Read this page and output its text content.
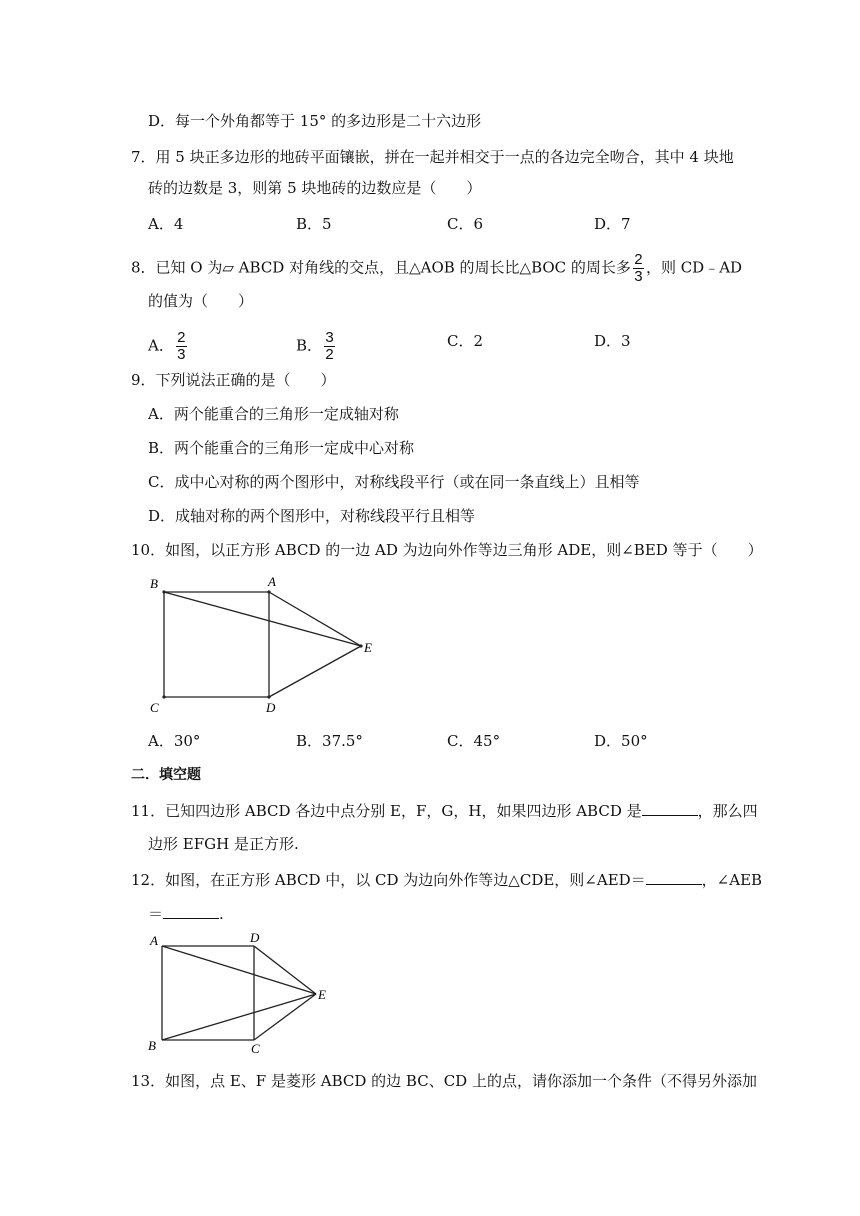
D．每一个外角都等于 15° 的多边形是二十六边形
7．用 5 块正多边形的地砖平面镶嵌，拼在一起并相交于一点的各边完全吻合，其中 4 块地
砖的边数是 3，则第 5 块地砖的边数应是（　　）
A．4	B．5	C．6	D．7
8．已知 O 为▱ ABCD 对角线的交点，且△AOB 的周长比△BOC 的周长多 $\frac{2}{3}$ ，则 CD﹣AD
的值为（　　）
A． $\frac{2}{3}$	B． $\frac{3}{2}$	C．2	D．3
9．下列说法正确的是（　　）
A．两个能重合的三角形一定成轴对称
B．两个能重合的三角形一定成中心对称
C．成中心对称的两个图形中，对称线段平行（或在同一条直线上）且相等
D．成轴对称的两个图形中，对称线段平行且相等
10．如图，以正方形 ABCD 的一边 AD 为边向外作等边三角形 ADE，则∠BED 等于（　　）
B	A
E
C	D
A．30°	B．37.5°	C．45°	D．50°
二．填空题
11．已知四边形 ABCD 各边中点分别 E，F，G，H，如果四边形 ABCD 是	，那么四
边形 EFGH 是正方形.
12．如图，在正方形 ABCD 中，以 CD 为边向外作等边△CDE，则∠AED＝	，∠AEB
＝	.
A	D
E
B	C
13．如图，点 E、F 是菱形 ABCD 的边 BC、CD 上的点，请你添加一个条件（不得另外添加
